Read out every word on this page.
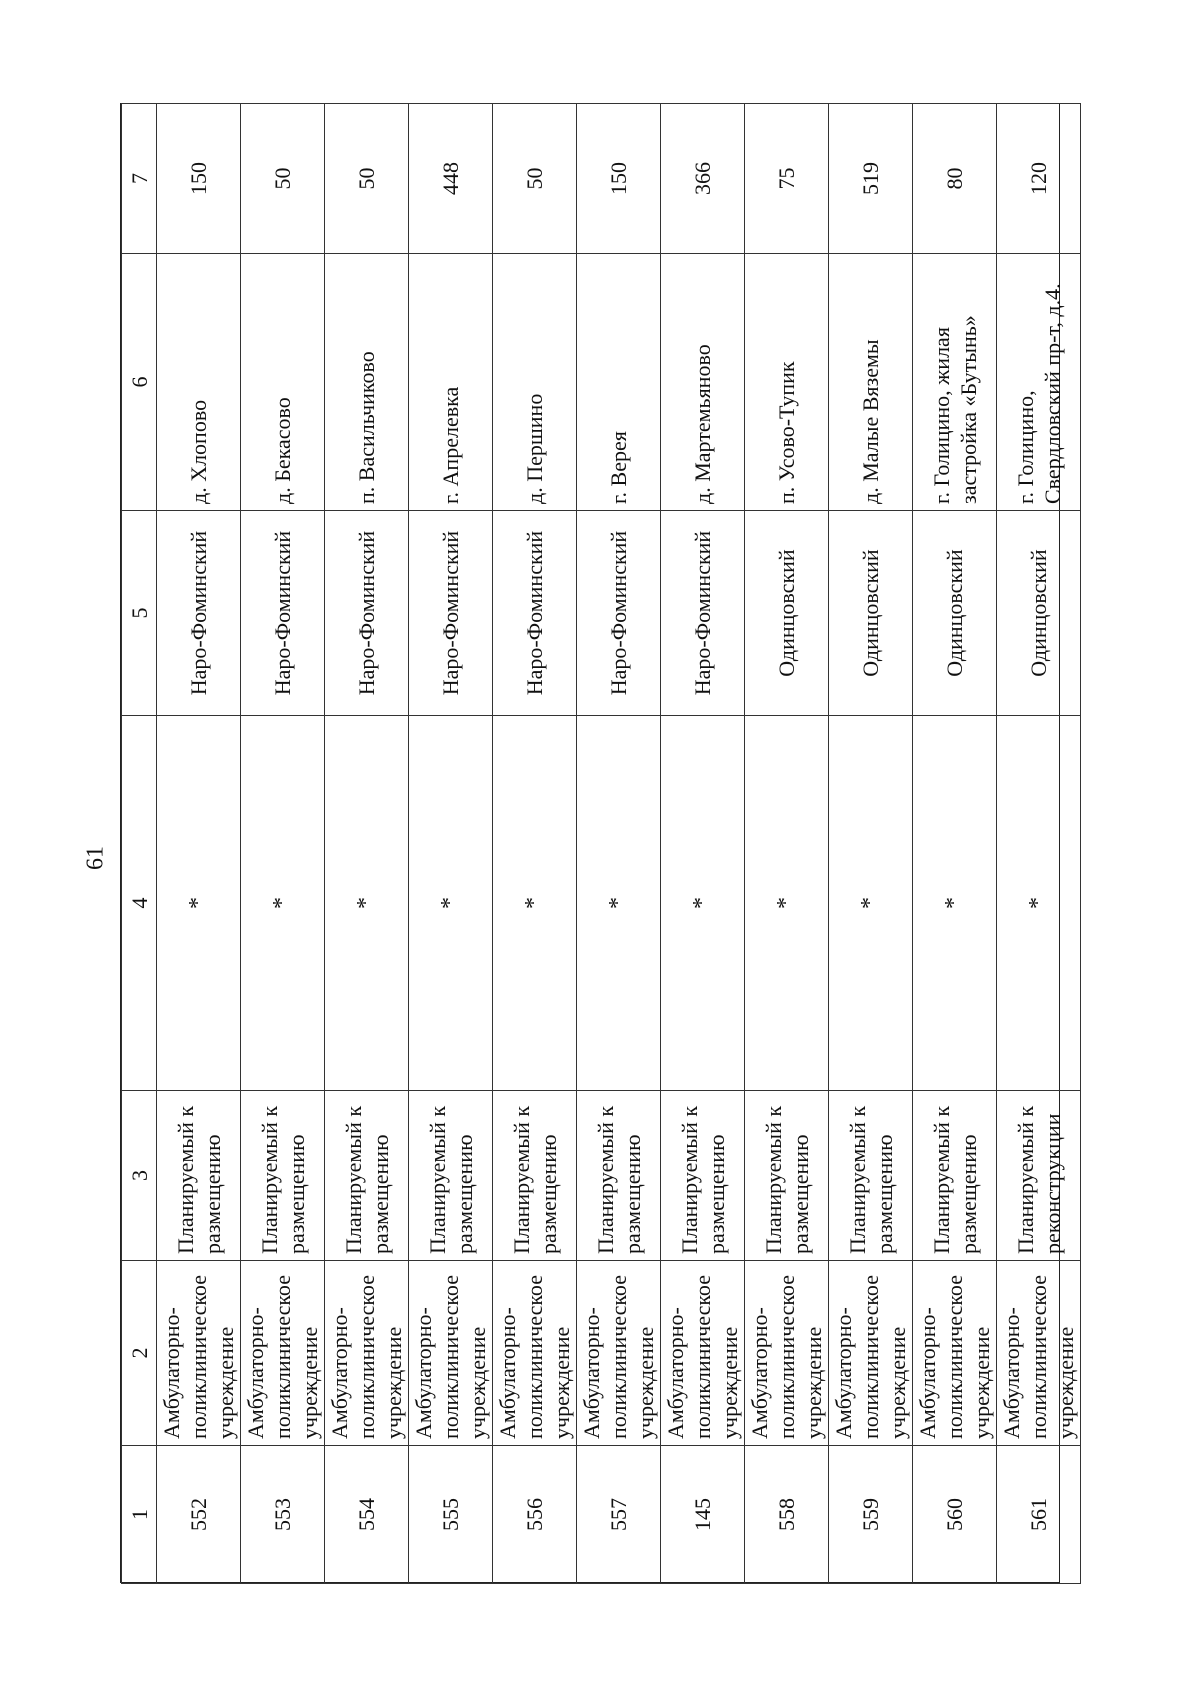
61
1	2	3	4	5	6	7
552	Амбулаторно-поликлиническое учреждение	Планируемый к размещению	*	Наро-Фоминский	д. Хлопово	150
553	Амбулаторно-поликлиническое учреждение	Планируемый к размещению	*	Наро-Фоминский	д. Бекасово	50
554	Амбулаторно-поликлиническое учреждение	Планируемый к размещению	*	Наро-Фоминский	п. Васильчиково	50
555	Амбулаторно-поликлиническое учреждение	Планируемый к размещению	*	Наро-Фоминский	г. Апрелевка	448
556	Амбулаторно-поликлиническое учреждение	Планируемый к размещению	*	Наро-Фоминский	д. Першино	50
557	Амбулаторно-поликлиническое учреждение	Планируемый к размещению	*	Наро-Фоминский	г. Верея	150
145	Амбулаторно-поликлиническое учреждение	Планируемый к размещению	*	Наро-Фоминский	д. Мартемьяново	366
558	Амбулаторно-поликлиническое учреждение	Планируемый к размещению	*	Одинцовский	п. Усово-Тупик	75
559	Амбулаторно-поликлиническое учреждение	Планируемый к размещению	*	Одинцовский	д. Малые Вяземы	519
560	Амбулаторно-поликлиническое учреждение	Планируемый к размещению	*	Одинцовский	г. Голицино, жилая застройка «Бутынь»	80
561	Амбулаторно-поликлиническое учреждение	Планируемый к реконструкции	*	Одинцовский	г. Голицино, Свердловский пр-т, д.4.	120
